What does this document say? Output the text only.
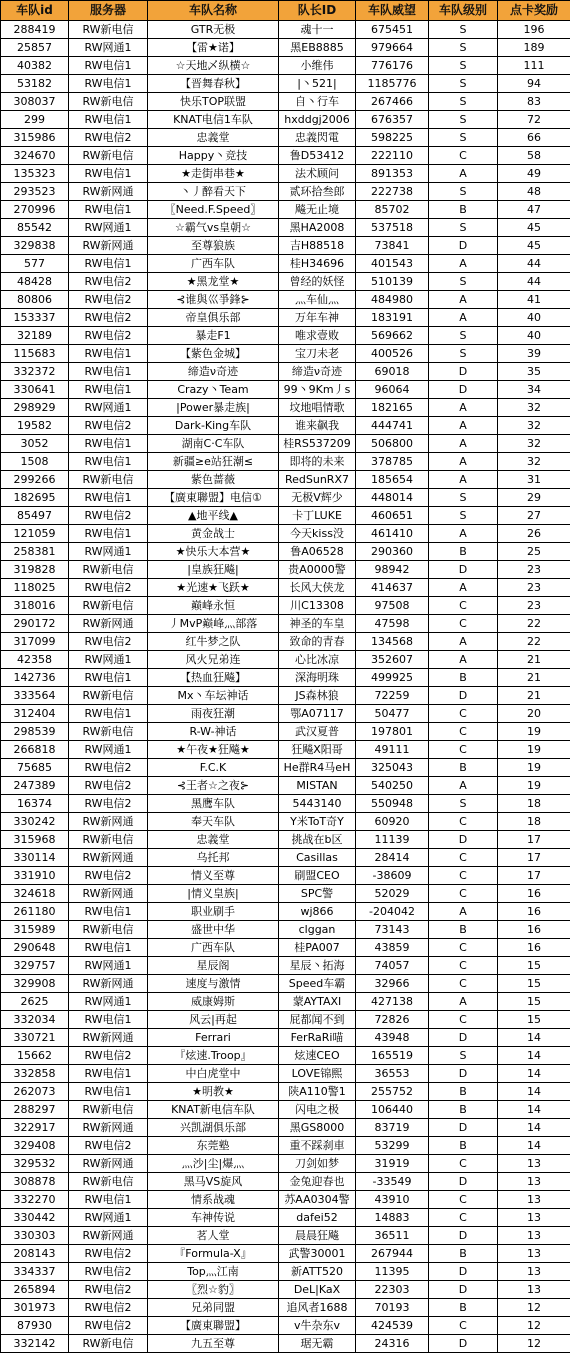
车队id	服务器	车队名称	队长ID	车队威望	车队级别	点卡奖励
288419	RW新电信	GTR无极	魂十一	675451	S	196
25857	RW网通1	【雷★诺】	黑EB8885	979664	S	189
40382	RW电信1	☆天地乄纵横☆	小维伟	776176	S	111
53182	RW电信1	【晋舞春秋】	|丶521|	1185776	S	94
308037	RW新电信	快乐TOP联盟	自丶行车	267466	S	83
299	RW电信1	KNAT电信1车队	hxddgj2006	676357	S	72
315986	RW电信2	忠義堂	忠義閃電	598225	S	66
324670	RW新电信	Happy丶竞技	鲁D53412	222110	C	58
135323	RW电信1	★走街串巷★	法术顾问	891353	A	49
293523	RW新网通	丶丿醉看天下	贰环拾叁郎	222738	S	48
270996	RW电信1	〖Need.F.Speed〗	飚无止境	85702	B	47
85542	RW网通1	☆霸气vs皇朝☆	黑HA2008	537518	S	45
329838	RW新网通	至尊狼族	吉H88518	73841	D	45
577	RW电信1	广西车队	桂H34696	401543	A	44
48428	RW电信2	★黑龙堂★	曾经的妖怪	510139	S	44
80806	RW电信2	⊰谁與巛爭鋒⊱	灬车仙灬	484980	A	41
153337	RW电信2	帝皇俱乐部	万年车神	183191	A	40
32189	RW电信2	暴走F1	唯求壹败	569662	S	40
115683	RW电信1	【紫色金城】	宝刀未老	400526	S	39
332372	RW电信1	缔造ν奇迹	缔造ν奇迹	69018	D	35
330641	RW电信1	Crazy丶Team	99丶9Km丿s	96064	D	34
298929	RW网通1	|Power暴走族|	坟地唱情歌	182165	A	32
19582	RW电信2	Dark-King车队	谁来飙我	444741	A	32
3052	RW电信1	湖南C·C车队	桂RS537209	506800	A	32
1508	RW电信1	新疆≥e站狂潮≤	即将的未来	378785	A	32
299266	RW新电信	紫色蔷薇	RedSunRX7	185654	A	31
182695	RW电信1	【廣東聯盟】电信①	无极V辉少	448014	S	29
85497	RW电信2	▲地平线▲	卡丁LUKE	460651	S	27
121059	RW电信1	黄金战士	今天kiss没	461410	A	26
258381	RW网通1	★快乐大本营★	鲁A06528	290360	B	25
319828	RW新电信	|皇族狂飚|	贵A0000警	98942	D	23
118025	RW电信2	★光速★飞跃★	长风大侠龙	414637	A	23
318016	RW新电信	巅峰永恒	川C13308	97508	C	23
290172	RW新网通	丿MvP巅峰灬部落	神圣的车皇	47598	C	22
317099	RW电信2	红牛梦之队	致命的青春	134568	A	22
42358	RW网通1	风火兄弟连	心比冰凉	352607	A	21
142736	RW电信1	【热血狂飚】	深海明珠	499925	B	21
333564	RW新电信	Mx丶车坛神话	JS森林狼	72259	D	21
312404	RW电信1	雨夜狂潮	鄂A07117	50477	C	20
298539	RW新电信	R-W-神话	武汉夏普	197801	C	19
266818	RW网通1	★午夜★狂飚★	狂飚X阳哥	49111	C	19
75685	RW电信2	F.C.K	He群R4马eH	325043	B	19
247389	RW电信2	⊰王者☆之夜⊱	MISTAN	540250	A	19
16374	RW电信2	黑鹰车队	5443140	550948	S	18
330242	RW新网通	奉天车队	Y米ToT奇Y	60920	C	18
315968	RW新电信	忠義堂	挑战在b区	11139	D	17
330114	RW新网通	乌托邦	Casillas	28414	C	17
331910	RW电信2	情义至尊	刷盟CEO	-38609	C	17
324618	RW新网通	|情义皇族|	SPC警	52029	C	16
261180	RW电信1	职业刷手	wj866	-204042	A	16
315989	RW新电信	盛世中华	clggan	73143	B	16
290648	RW电信1	广西车队	桂PA007	43859	C	16
329757	RW网通1	星辰阁	星辰丶拓海	74057	C	15
329908	RW新网通	速度与激情	Speed车霸	32966	C	15
2625	RW网通1	威康姆斯	蒙AYTAXI	427138	A	15
332034	RW电信1	风云|再起	屁都闻不到	72826	C	15
330721	RW新网通	Ferrari	FerRaRi喵	43948	D	14
15662	RW电信2	『炫速.Troop』	炫速CEO	165519	S	14
332858	RW电信1	中白虎堂中	LOVE锦熙	36553	D	14
262073	RW电信1	★明教★	陕A110警1	255752	B	14
288297	RW新电信	KNAT新电信车队	闪电之极	106440	B	14
322917	RW新网通	兴凯湖俱乐部	黑GS8000	83719	D	14
329408	RW电信2	东莞塾	重不踩刹車	53299	B	14
329532	RW新网通	灬沙|尘|爆灬	刀剑如梦	31919	C	13
308878	RW新电信	黑马VS旋风	金兔迎春也	-33549	D	13
332270	RW电信1	情系战魂	苏AA0304警	43910	C	13
330442	RW网通1	车神传说	dafei52	14883	C	13
330303	RW新网通	茗人堂	晨晨狂飚	36511	D	13
208143	RW电信2	『Formula-X』	武警30001	267944	B	13
334337	RW电信2	Top灬江南	新ATT520	11395	D	13
265894	RW电信2	〖烈☆豹〗	DeL|KaX	22303	D	13
301973	RW电信2	兄弟同盟	追风者1688	70193	B	12
87930	RW电信2	【廣東聯盟】	v牛杂东v	424539	C	12
332142	RW新电信	九五至尊	琚无霸	24316	D	12
